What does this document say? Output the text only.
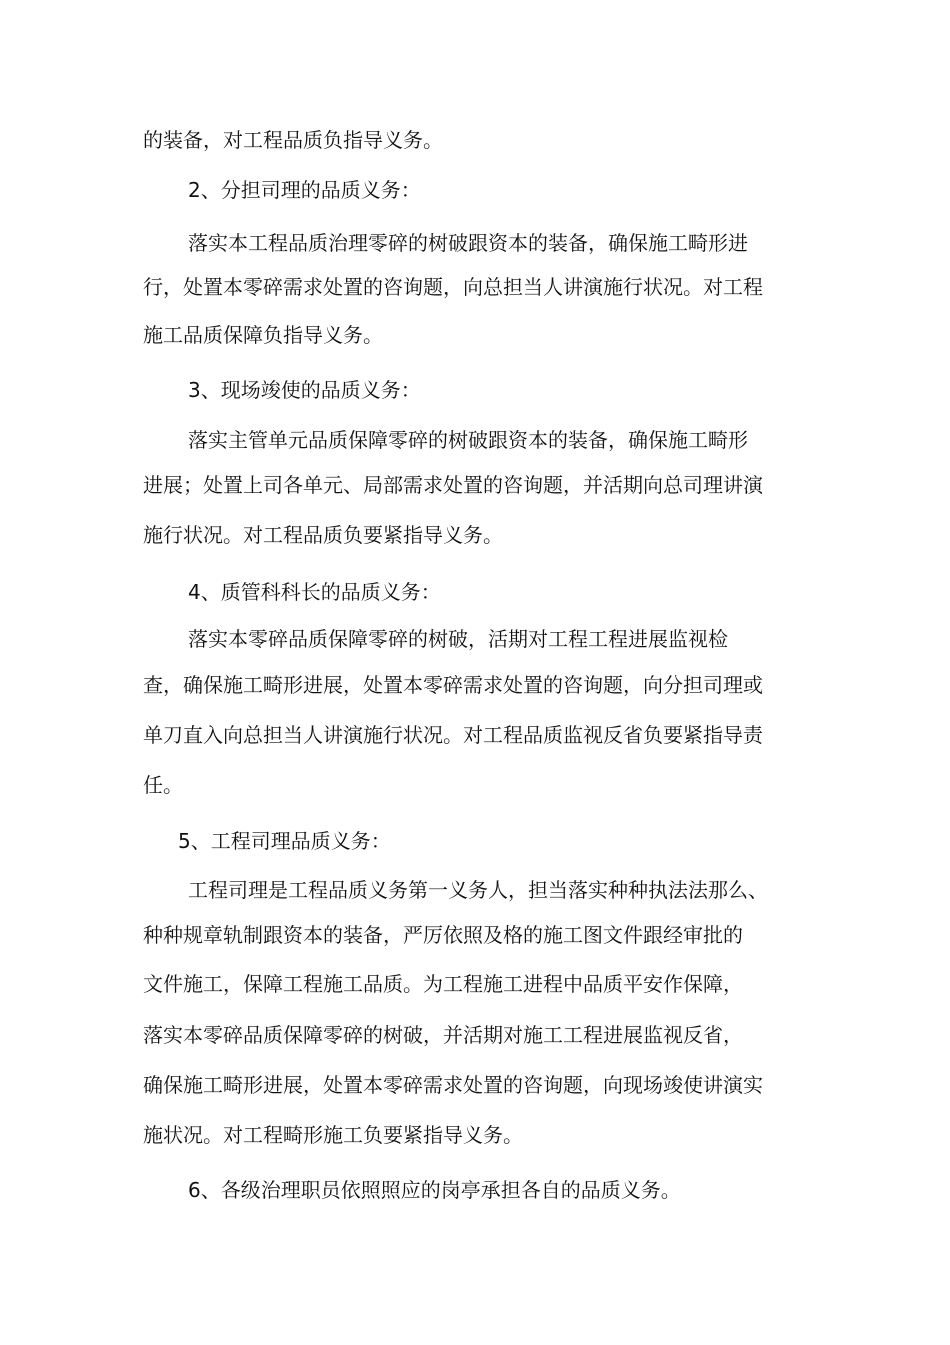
的装备，对工程品质负指导义务。
2、分担司理的品质义务：
落实本工程品质治理零碎的树破跟资本的装备，确保施工畸形进
行，处置本零碎需求处置的咨询题，向总担当人讲演施行状况。对工程
施工品质保障负指导义务。
3、现场竣使的品质义务：
落实主管单元品质保障零碎的树破跟资本的装备，确保施工畸形
进展；处置上司各单元、局部需求处置的咨询题，并活期向总司理讲演
施行状况。对工程品质负要紧指导义务。
4、质管科科长的品质义务：
落实本零碎品质保障零碎的树破，活期对工程工程进展监视检
查，确保施工畸形进展，处置本零碎需求处置的咨询题，向分担司理或
单刀直入向总担当人讲演施行状况。对工程品质监视反省负要紧指导责
任。
5、工程司理品质义务：
工程司理是工程品质义务第一义务人，担当落实种种执法法那么、
种种规章轨制跟资本的装备，严厉依照及格的施工图文件跟经审批的
文件施工，保障工程施工品质。为工程施工进程中品质平安作保障，
落实本零碎品质保障零碎的树破，并活期对施工工程进展监视反省，
确保施工畸形进展，处置本零碎需求处置的咨询题，向现场竣使讲演实
施状况。对工程畸形施工负要紧指导义务。
6、各级治理职员依照照应的岗亭承担各自的品质义务。
